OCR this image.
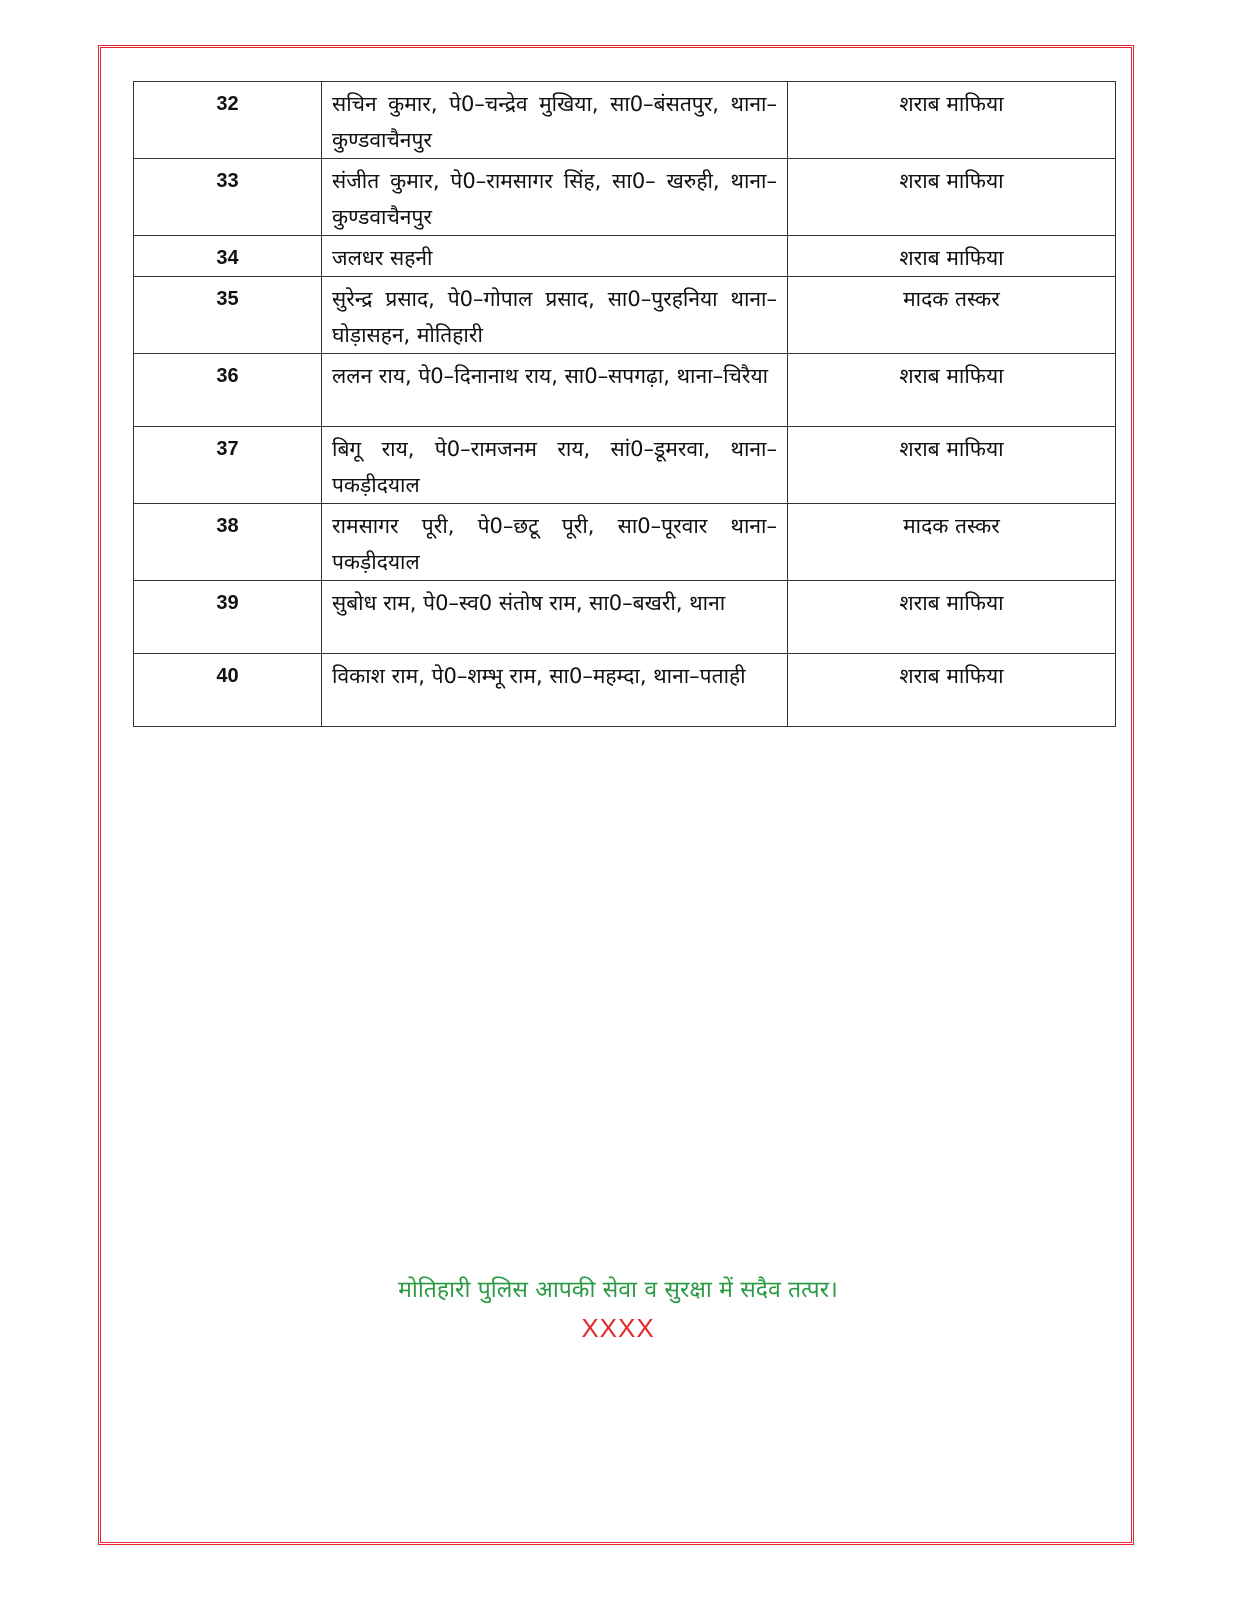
32	सचिन कुमार, पे0–चन्द्रेव मुखिया, सा0–बंसतपुर, थाना–कुण्डवाचैनपुर	शराब माफिया
33	संजीत कुमार, पे0–रामसागर सिंह, सा0– खरुही, थाना– कुण्डवाचैनपुर	शराब माफिया
34	जलधर सहनी	शराब माफिया
35	सुरेन्द्र प्रसाद, पे0–गोपाल प्रसाद, सा0–पुरहनिया थाना–घोड़ासहन, मोतिहारी	मादक तस्कर
36	ललन राय, पे0–दिनानाथ राय, सा0–सपगढ़ा, थाना–चिरैया	शराब माफिया
37	बिगू राय, पे0–रामजनम राय, सां0–डूमरवा, थाना– पकड़ीदयाल	शराब माफिया
38	रामसागर पूरी, पे0–छटू पूरी, सा0–पूरवार थाना– पकड़ीदयाल	मादक तस्कर
39	सुबोध राम, पे0–स्व0 संतोष राम, सा0–बखरी, थाना	शराब माफिया
40	विकाश राम, पे0–शम्भू राम, सा0–महम्दा, थाना–पताही	शराब माफिया
मोतिहारी पुलिस आपकी सेवा व सुरक्षा में सदैव तत्पर।
XXXX
